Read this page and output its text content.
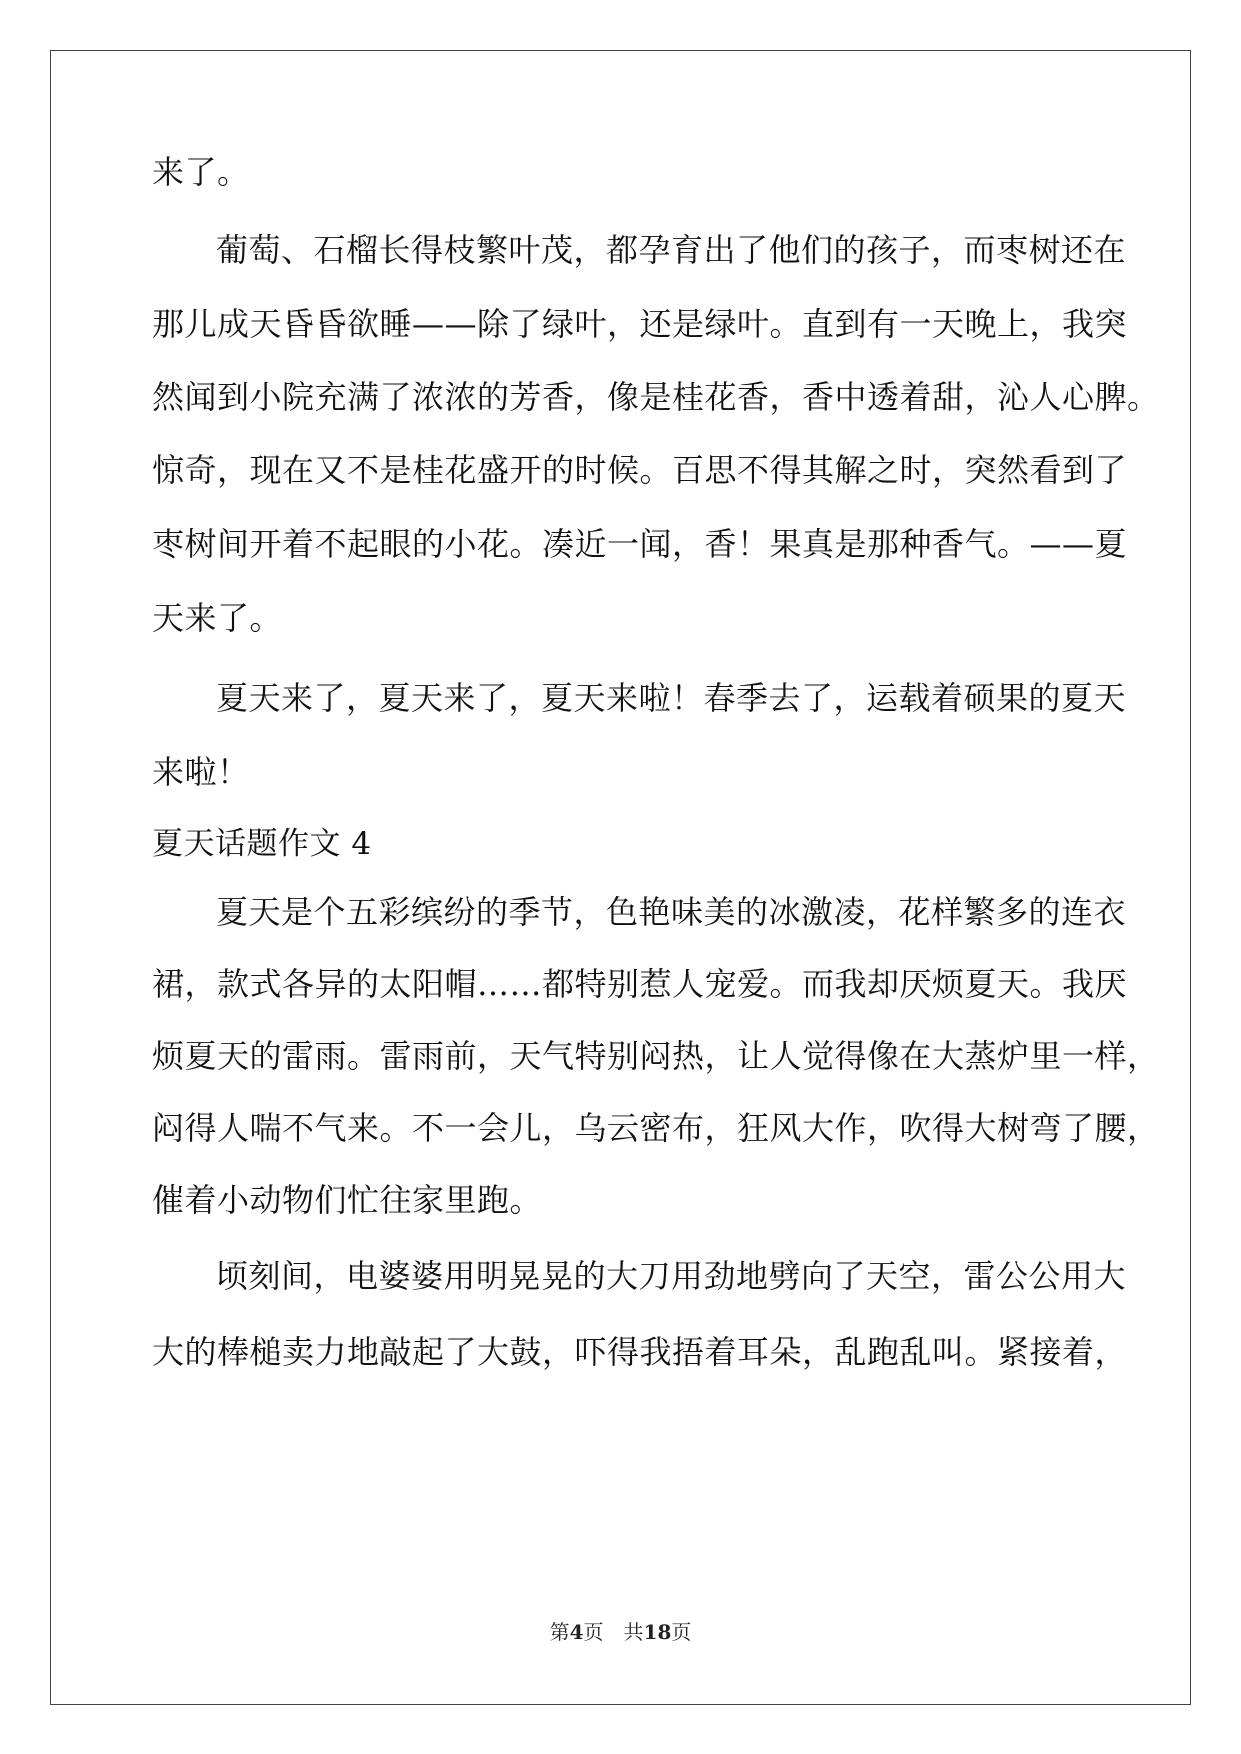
来了。
葡萄、石榴长得枝繁叶茂，都孕育出了他们的孩子，而枣树还在
那儿成天昏昏欲睡——除了绿叶，还是绿叶。直到有一天晚上，我突
然闻到小院充满了浓浓的芳香，像是桂花香，香中透着甜，沁人心脾。
惊奇，现在又不是桂花盛开的时候。百思不得其解之时，突然看到了
枣树间开着不起眼的小花。凑近一闻，香！果真是那种香气。——夏
天来了。
夏天来了，夏天来了，夏天来啦！春季去了，运载着硕果的夏天
来啦！
夏天话题作文 4
夏天是个五彩缤纷的季节，色艳味美的冰激凌，花样繁多的连衣
裙，款式各异的太阳帽……都特别惹人宠爱。而我却厌烦夏天。我厌
烦夏天的雷雨。雷雨前，天气特别闷热，让人觉得像在大蒸炉里一样，
闷得人喘不气来。不一会儿，乌云密布，狂风大作，吹得大树弯了腰，
催着小动物们忙往家里跑。
顷刻间，电婆婆用明晃晃的大刀用劲地劈向了天空，雷公公用大
大的棒槌卖力地敲起了大鼓，吓得我捂着耳朵，乱跑乱叫。紧接着，
第4页 共18页
